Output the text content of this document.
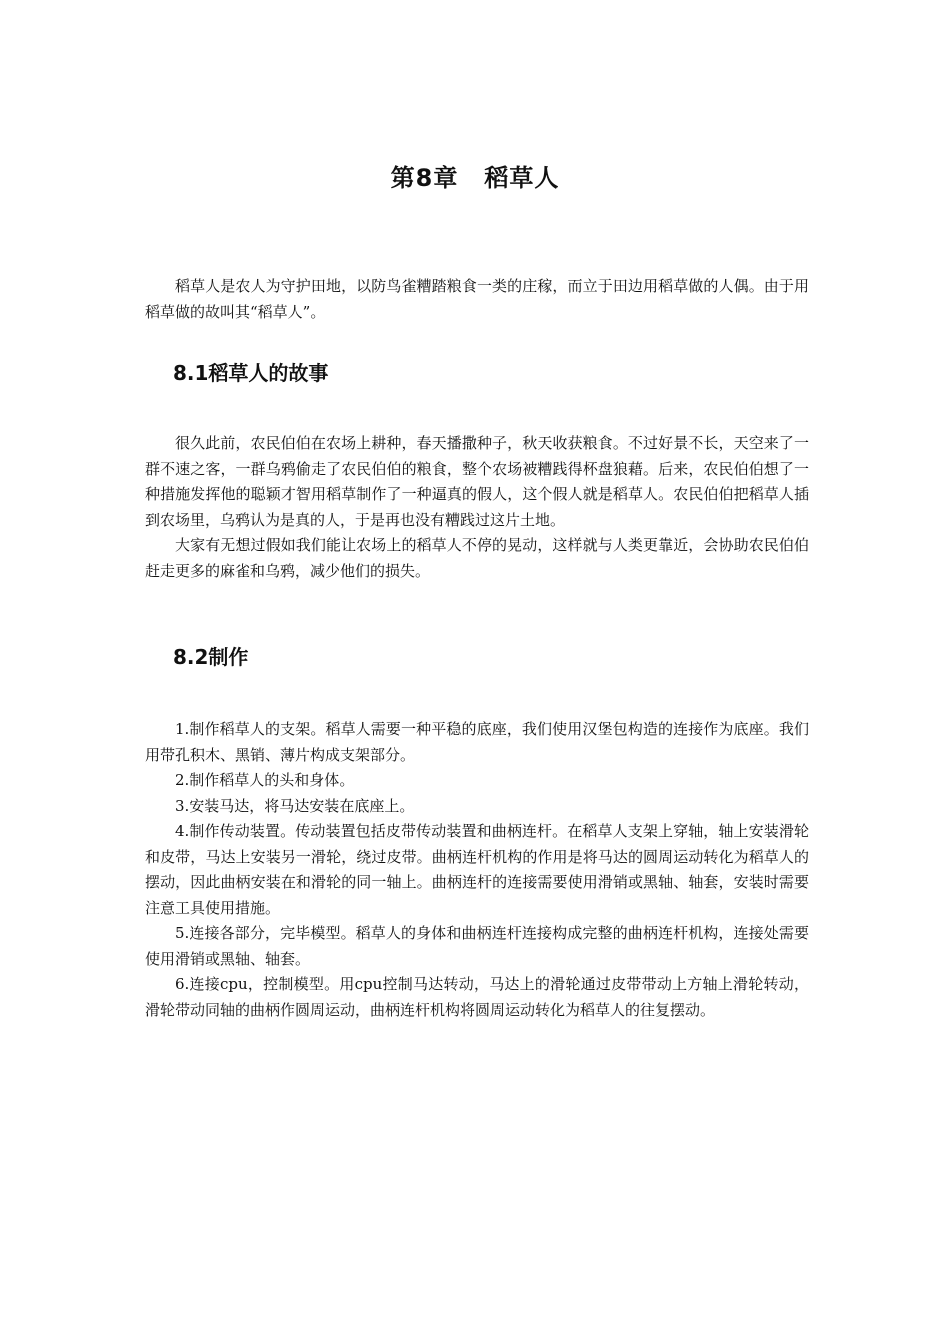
第8章 稻草人

稻草人是农人为守护田地，以防鸟雀糟踏粮食一类的庄稼，而立于田边用稻草做的人偶。由于用稻草做的故叫其“稻草人”。

8.1稻草人的故事

很久此前，农民伯伯在农场上耕种，春天播撒种子，秋天收获粮食。不过好景不长，天空来了一群不速之客，一群乌鸦偷走了农民伯伯的粮食，整个农场被糟践得杯盘狼藉。后来，农民伯伯想了一种措施发挥他的聪颖才智用稻草制作了一种逼真的假人，这个假人就是稻草人。农民伯伯把稻草人插到农场里，乌鸦认为是真的人，于是再也没有糟践过这片土地。

大家有无想过假如我们能让农场上的稻草人不停的晃动，这样就与人类更靠近，会协助农民伯伯赶走更多的麻雀和乌鸦，减少他们的损失。

8.2制作

1.制作稻草人的支架。稻草人需要一种平稳的底座，我们使用汉堡包构造的连接作为底座。我们用带孔积木、黑销、薄片构成支架部分。

2.制作稻草人的头和身体。

3.安装马达，将马达安装在底座上。

4.制作传动装置。传动装置包括皮带传动装置和曲柄连杆。在稻草人支架上穿轴，轴上安装滑轮和皮带，马达上安装另一滑轮，绕过皮带。曲柄连杆机构的作用是将马达的圆周运动转化为稻草人的摆动，因此曲柄安装在和滑轮的同一轴上。曲柄连杆的连接需要使用滑销或黑轴、轴套，安装时需要注意工具使用措施。

5.连接各部分，完毕模型。稻草人的身体和曲柄连杆连接构成完整的曲柄连杆机构，连接处需要使用滑销或黑轴、轴套。

6.连接cpu，控制模型。用cpu控制马达转动，马达上的滑轮通过皮带带动上方轴上滑轮转动，滑轮带动同轴的曲柄作圆周运动，曲柄连杆机构将圆周运动转化为稻草人的往复摆动。
